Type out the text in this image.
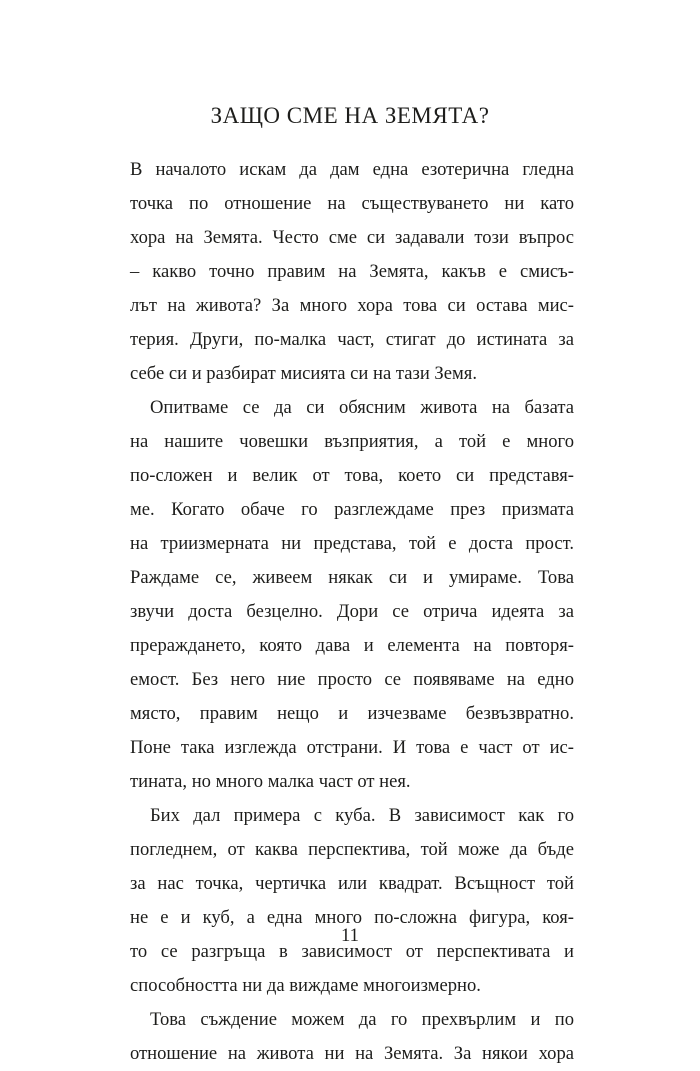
ЗАЩО СМЕ НА ЗЕМЯТА?
В началото искам да дам една езотерична гледна
точка по отношение на съществуването ни като
хора на Земята. Често сме си задавали този въпрос
– какво точно правим на Земята, какъв е смисъ-
лът на живота? За много хора това си остава мис-
терия. Други, по-малка част, стигат до истината за
себе си и разбират мисията си на тази Земя.
Опитваме се да си обясним живота на базата
на нашите човешки възприятия, а той е много
по-сложен и велик от това, което си представя-
ме. Когато обаче го разглеждаме през призмата
на триизмерната ни представа, той е доста прост.
Раждаме се, живеем някак си и умираме. Това
звучи доста безцелно. Дори се отрича идеята за
прераждането, която дава и елемента на повторя-
емост. Без него ние просто се появяваме на едно
място, правим нещо и изчезваме безвъзвратно.
Поне така изглежда отстрани. И това е част от ис-
тината, но много малка част от нея.
Бих дал примера с куба. В зависимост как го
погледнем, от каква перспектива, той може да бъде
за нас точка, чертичка или квадрат. Всъщност той
не е и куб, а една много по-сложна фигура, коя-
то се разгръща в зависимост от перспективата и
способността ни да виждаме многоизмерно.
Това съждение можем да го прехвърлим и по
отношение на живота ни на Земята. За някои хора
11
